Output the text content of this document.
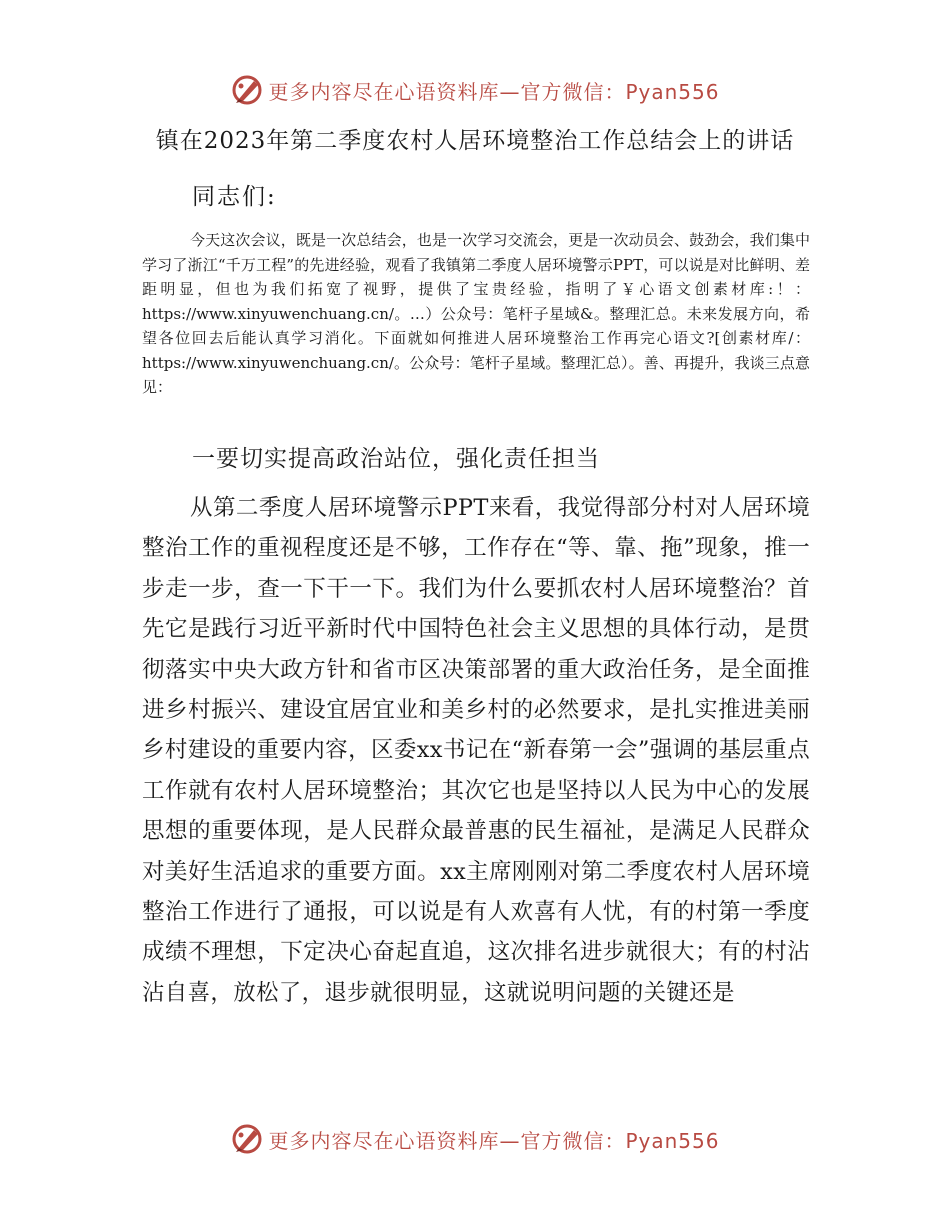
更多内容尽在心语资料库—官方微信：Pyan556
镇在2023年第二季度农村人居环境整治工作总结会上的讲话
同志们:

今天这次会议，既是一次总结会，也是一次学习交流会，更是一次动员会、鼓劲会，我们集中学习了浙江“千万工程”的先进经验，观看了我镇第二季度人居环境警示PPT，可以说是对比鲜明、差距明显，但也为我们拓宽了视野，提供了宝贵经验，指明了￥心语文创素材库:！：https://www.xinyuwenchuang.cn/。…）公众号：笔杆子星域&。整理汇总。未来发展方向，希望各位回去后能认真学习消化。下面就如何推进人居环境整治工作再完心语文?[创素材库/：https://www.xinyuwenchuang.cn/。公众号：笔杆子星域。整理汇总）。善、再提升，我谈三点意见：

一要切实提高政治站位，强化责任担当

从第二季度人居环境警示PPT来看，我觉得部分村对人居环境整治工作的重视程度还是不够，工作存在“等、靠、拖”现象，推一步走一步，查一下干一下。我们为什么要抓农村人居环境整治？首先它是践行习近平新时代中国特色社会主义思想的具体行动，是贯彻落实中央大政方针和省市区决策部署的重大政治任务，是全面推进乡村振兴、建设宜居宜业和美乡村的必然要求，是扎实推进美丽乡村建设的重要内容，区委xx书记在“新春第一会”强调的基层重点工作就有农村人居环境整治；其次它也是坚持以人民为中心的发展思想的重要体现，是人民群众最普惠的民生福祉，是满足人民群众对美好生活追求的重要方面。xx主席刚刚对第二季度农村人居环境整治工作进行了通报，可以说是有人欢喜有人忧，有的村第一季度成绩不理想，下定决心奋起直追，这次排名进步就很大；有的村沾沾自喜，放松了，退步就很明显，这就说明问题的关键还是

更多内容尽在心语资料库—官方微信：Pyan556
